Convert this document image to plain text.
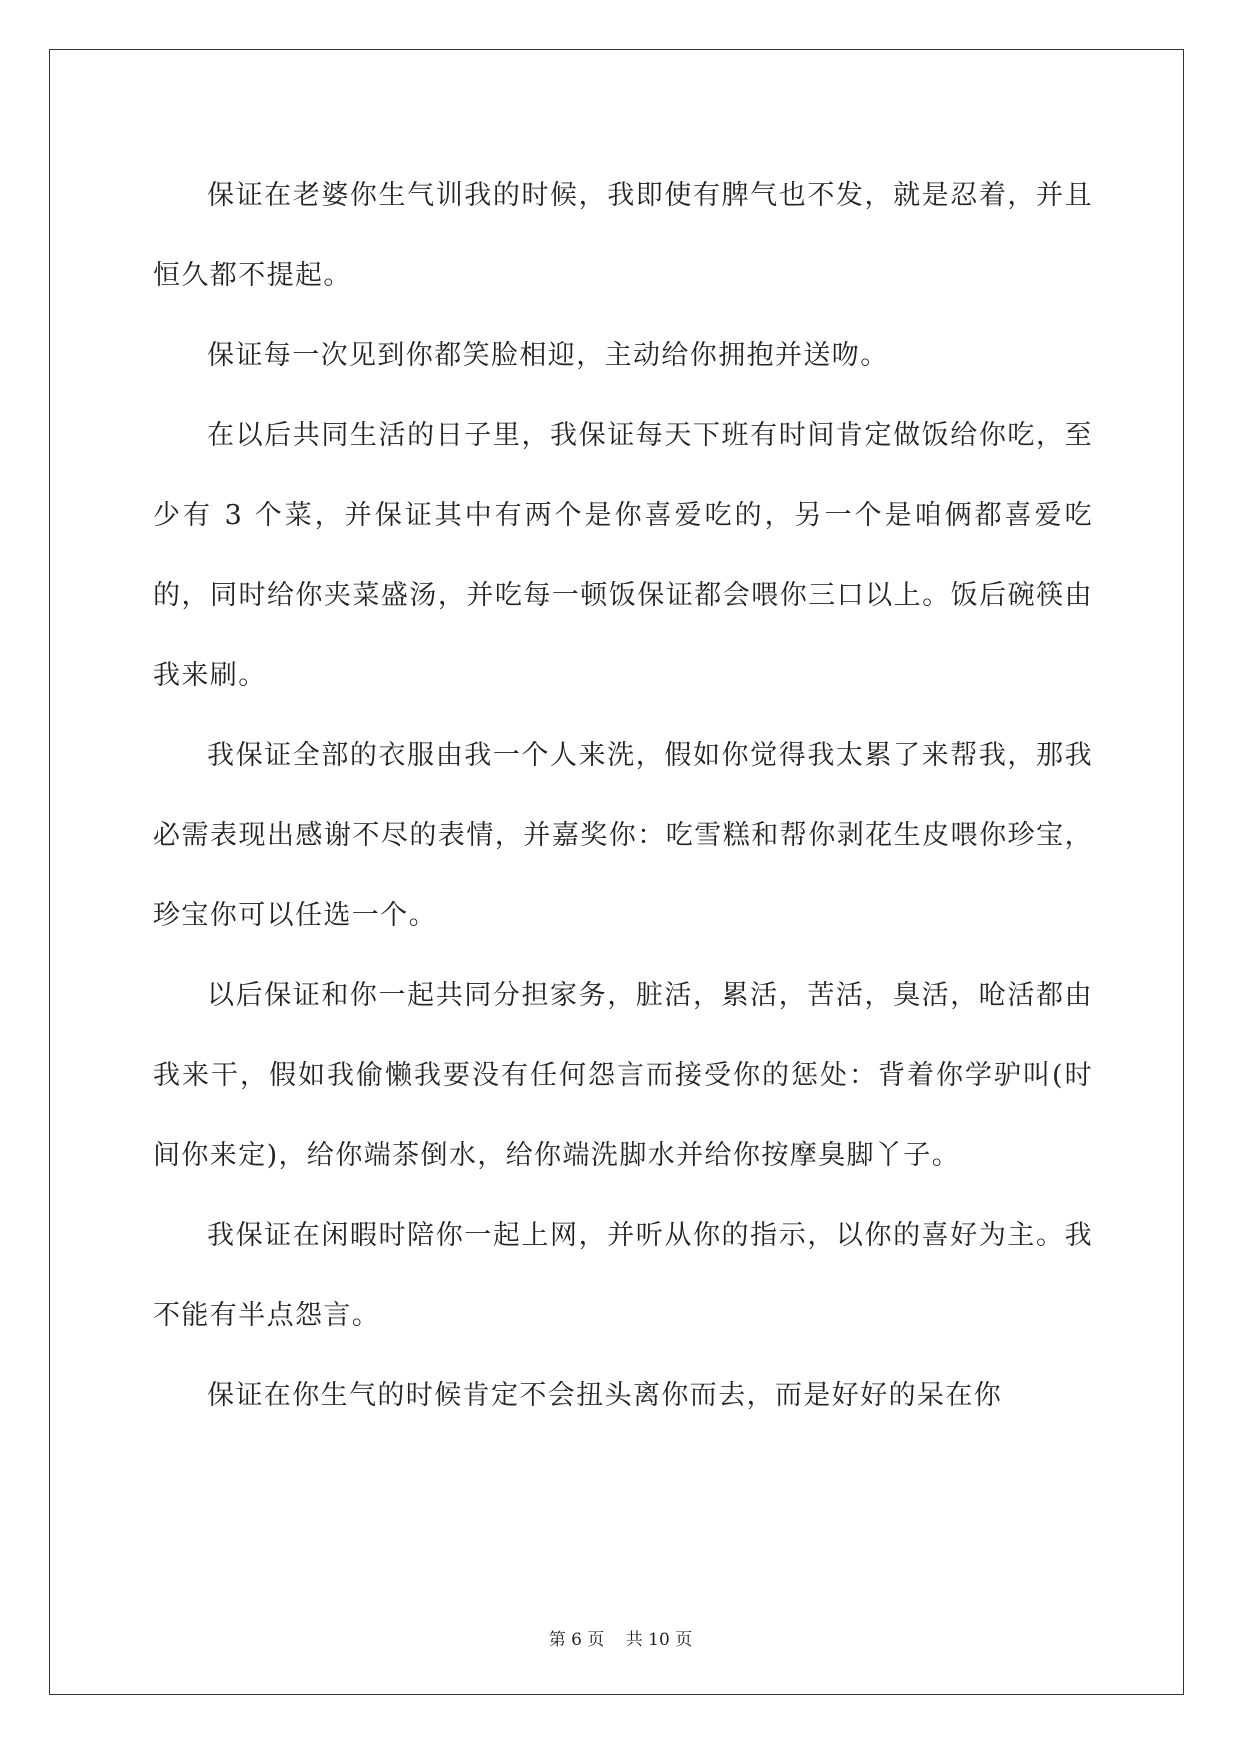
保证在老婆你生气训我的时候，我即使有脾气也不发，就是忍着，并且恒久都不提起。

保证每一次见到你都笑脸相迎，主动给你拥抱并送吻。

在以后共同生活的日子里，我保证每天下班有时间肯定做饭给你吃，至少有 3 个菜，并保证其中有两个是你喜爱吃的，另一个是咱俩都喜爱吃的，同时给你夹菜盛汤，并吃每一顿饭保证都会喂你三口以上。饭后碗筷由我来刷。

我保证全部的衣服由我一个人来洗，假如你觉得我太累了来帮我，那我必需表现出感谢不尽的表情，并嘉奖你：吃雪糕和帮你剥花生皮喂你珍宝，珍宝你可以任选一个。

以后保证和你一起共同分担家务，脏活，累活，苦活，臭活，呛活都由我来干，假如我偷懒我要没有任何怨言而接受你的惩处：背着你学驴叫(时间你来定)，给你端茶倒水，给你端洗脚水并给你按摩臭脚丫子。

我保证在闲暇时陪你一起上网，并听从你的指示，以你的喜好为主。我不能有半点怨言。

保证在你生气的时候肯定不会扭头离你而去，而是好好的呆在你

第 6 页 共 10 页
